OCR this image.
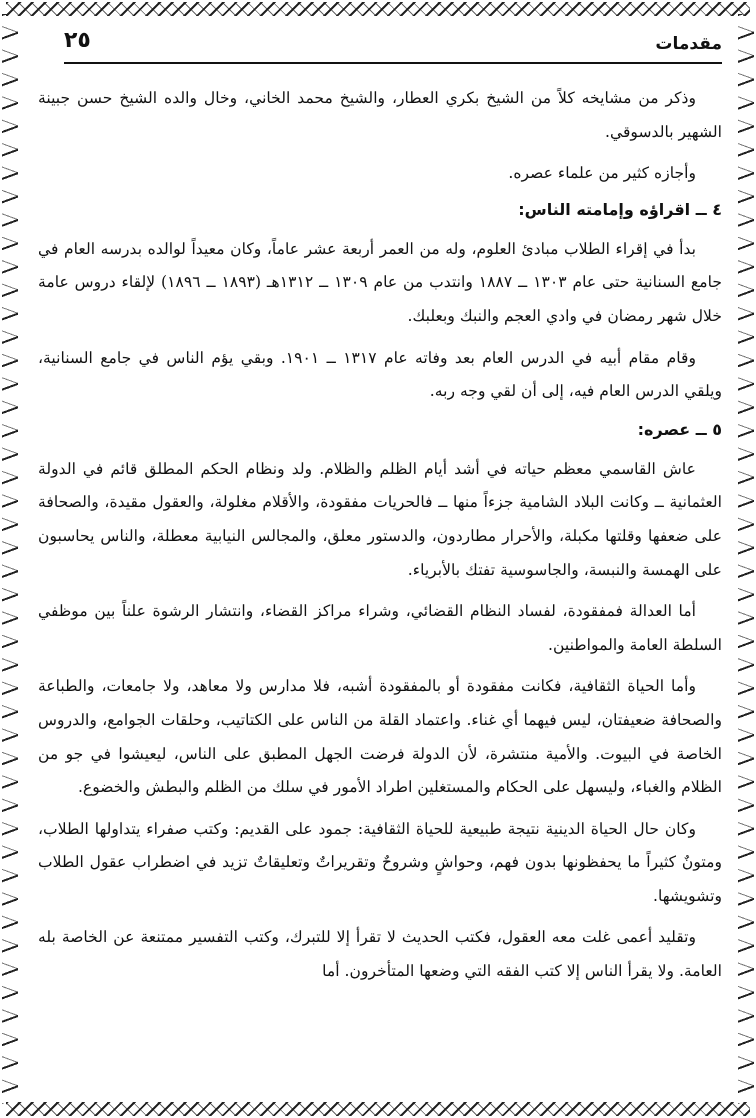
٢٥	مقدمات

وذكر من مشايخه كلاً من الشيخ بكري العطار، والشيخ محمد الخاني، وخال والده الشيخ حسن جبينة الشهير بالدسوقي.

وأجازه كثير من علماء عصره.

٤ ــ اقراؤه وإمامته الناس:

بدأ في إقراء الطلاب مبادئ العلوم، وله من العمر أربعة عشر عاماً، وكان معيداً لوالده بدرسه العام في جامع السنانية حتى عام ١٣٠٣ ــ ١٨٨٧ وانتدب من عام ١٣٠٩ ــ ١٣١٢هـ (١٨٩٣ ــ ١٨٩٦) لإلقاء دروس عامة خلال شهر رمضان في وادي العجم والنبك وبعلبك.

وقام مقام أبيه في الدرس العام بعد وفاته عام ١٣١٧ ــ ١٩٠١. وبقي يؤم الناس في جامع السنانية، ويلقي الدرس العام فيه، إلى أن لقي وجه ربه.

٥ ــ عصره:

عاش القاسمي معظم حياته في أشد أيام الظلم والظلام. ولد ونظام الحكم المطلق قائم في الدولة العثمانية ــ وكانت البلاد الشامية جزءاً منها ــ فالحريات مفقودة، والأقلام مغلولة، والعقول مقيدة، والصحافة على ضعفها وقلتها مكبلة، والأحرار مطاردون، والدستور معلق، والمجالس النيابية معطلة، والناس يحاسبون على الهمسة والنبسة، والجاسوسية تفتك بالأبرياء.

أما العدالة فمفقودة، لفساد النظام القضائي، وشراء مراكز القضاء، وانتشار الرشوة علناً بين موظفي السلطة العامة والمواطنين.

وأما الحياة الثقافية، فكانت مفقودة أو بالمفقودة أشبه، فلا مدارس ولا معاهد، ولا جامعات، والطباعة والصحافة ضعيفتان، ليس فيهما أي غناء. واعتماد القلة من الناس على الكتاتيب، وحلقات الجوامع، والدروس الخاصة في البيوت. والأمية منتشرة، لأن الدولة فرضت الجهل المطبق على الناس، ليعيشوا في جو من الظلام والغباء، وليسهل على الحكام والمستغلين اطراد الأمور في سلك من الظلم والبطش والخضوع.

وكان حال الحياة الدينية نتيجة طبيعية للحياة الثقافية: جمود على القديم: وكتب صفراء يتداولها الطلاب، ومتونٌ كثيراً ما يحفظونها بدون فهم، وحواشٍ وشروحٌ وتقريراتٌ وتعليقاتٌ تزيد في اضطراب عقول الطلاب وتشويشها.

وتقليد أعمى غلت معه العقول، فكتب الحديث لا تقرأ إلا للتبرك، وكتب التفسير ممتنعة عن الخاصة بله العامة. ولا يقرأ الناس إلا كتب الفقه التي وضعها المتأخرون. أما
